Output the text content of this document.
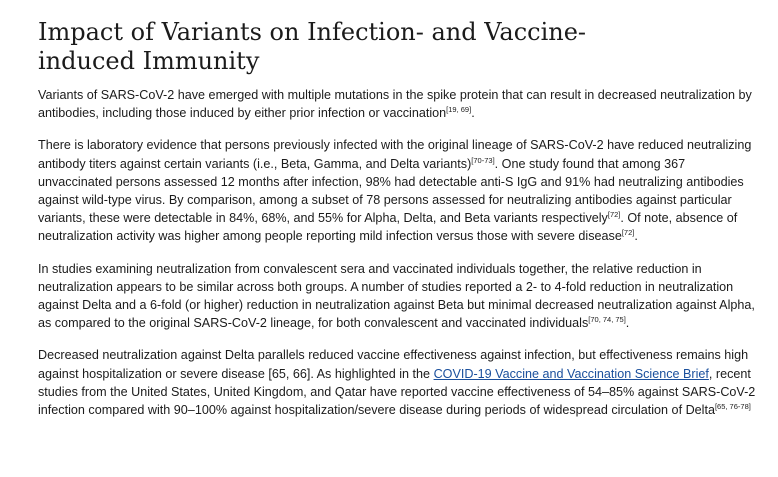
Impact of Variants on Infection- and Vaccine-induced Immunity

Variants of SARS-CoV-2 have emerged with multiple mutations in the spike protein that can result in decreased neutralization by antibodies, including those induced by either prior infection or vaccination[19, 69].

There is laboratory evidence that persons previously infected with the original lineage of SARS-CoV-2 have reduced neutralizing antibody titers against certain variants (i.e., Beta, Gamma, and Delta variants)[70-73]. One study found that among 367 unvaccinated persons assessed 12 months after infection, 98% had detectable anti-S IgG and 91% had neutralizing antibodies against wild-type virus. By comparison, among a subset of 78 persons assessed for neutralizing antibodies against particular variants, these were detectable in 84%, 68%, and 55% for Alpha, Delta, and Beta variants respectively[72]. Of note, absence of neutralization activity was higher among people reporting mild infection versus those with severe disease[72].

In studies examining neutralization from convalescent sera and vaccinated individuals together, the relative reduction in neutralization appears to be similar across both groups. A number of studies reported a 2- to 4-fold reduction in neutralization against Delta and a 6-fold (or higher) reduction in neutralization against Beta but minimal decreased neutralization against Alpha, as compared to the original SARS-CoV-2 lineage, for both convalescent and vaccinated individuals[70, 74, 75].

Decreased neutralization against Delta parallels reduced vaccine effectiveness against infection, but effectiveness remains high against hospitalization or severe disease [65, 66]. As highlighted in the COVID-19 Vaccine and Vaccination Science Brief, recent studies from the United States, United Kingdom, and Qatar have reported vaccine effectiveness of 54–85% against SARS-CoV-2 infection compared with 90–100% against hospitalization/severe disease during periods of widespread circulation of Delta[65, 76-78]
